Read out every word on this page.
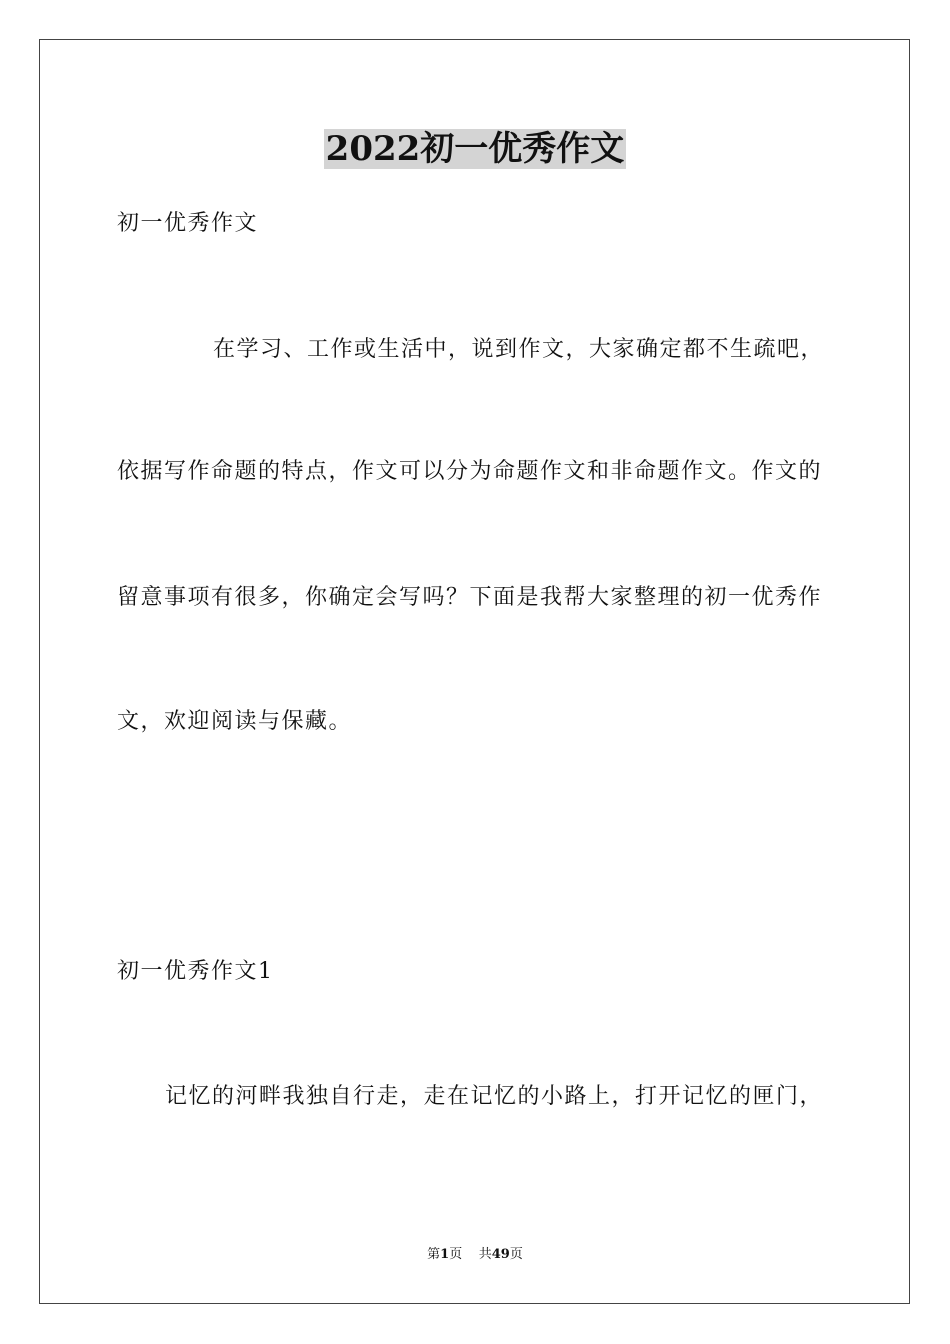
2022初一优秀作文
初一优秀作文
在学习、工作或生活中，说到作文，大家确定都不生疏吧，
依据写作命题的特点，作文可以分为命题作文和非命题作文。作文的
留意事项有很多，你确定会写吗？下面是我帮大家整理的初一优秀作
文，欢迎阅读与保藏。
初一优秀作文1
记忆的河畔我独自行走，走在记忆的小路上，打开记忆的匣门，
第1页 共49页
